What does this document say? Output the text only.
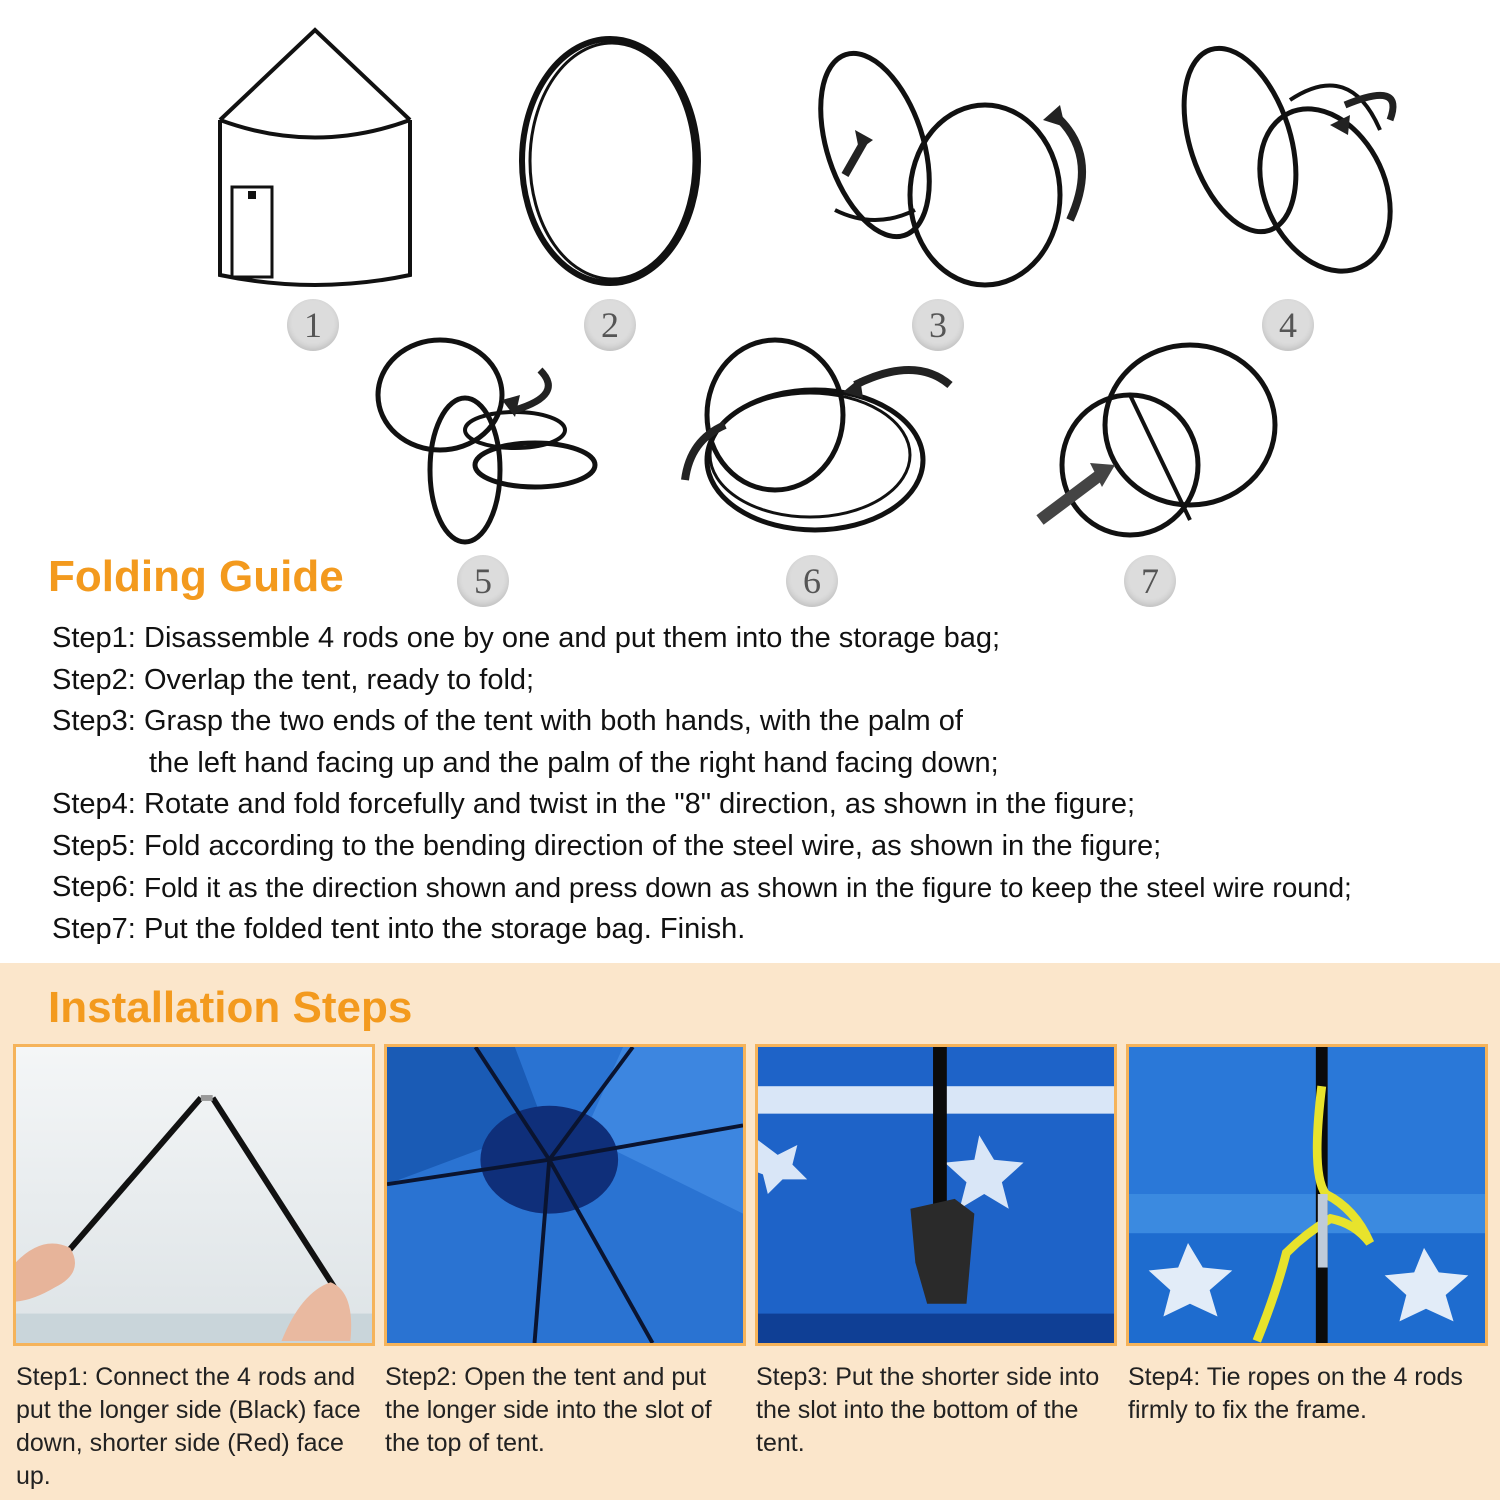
1	2	3	4
5	6	7
Folding Guide
Step1: Disassemble 4 rods one by one and put them into the storage bag;
Step2: Overlap the tent, ready to fold;
Step3: Grasp the two ends of the tent with both hands, with the palm of
the left hand facing up and the palm of the right hand facing down;
Step4: Rotate and fold forcefully and twist in the "8" direction, as shown in the figure;
Step5: Fold according to the bending direction of the steel wire, as shown in the figure;
Step6: Fold it as the direction shown and press down as shown in the figure to keep the steel wire round;
Step7: Put the folded tent into the storage bag. Finish.
Installation Steps
Step1: Connect the 4 rods and put the longer side (Black) face down, shorter side (Red) face up.
Step2: Open the tent and put the longer side into the slot of the top of tent.
Step3: Put the shorter side into the slot into the bottom of the tent.
Step4: Tie ropes on the 4 rods firmly to fix the frame.
